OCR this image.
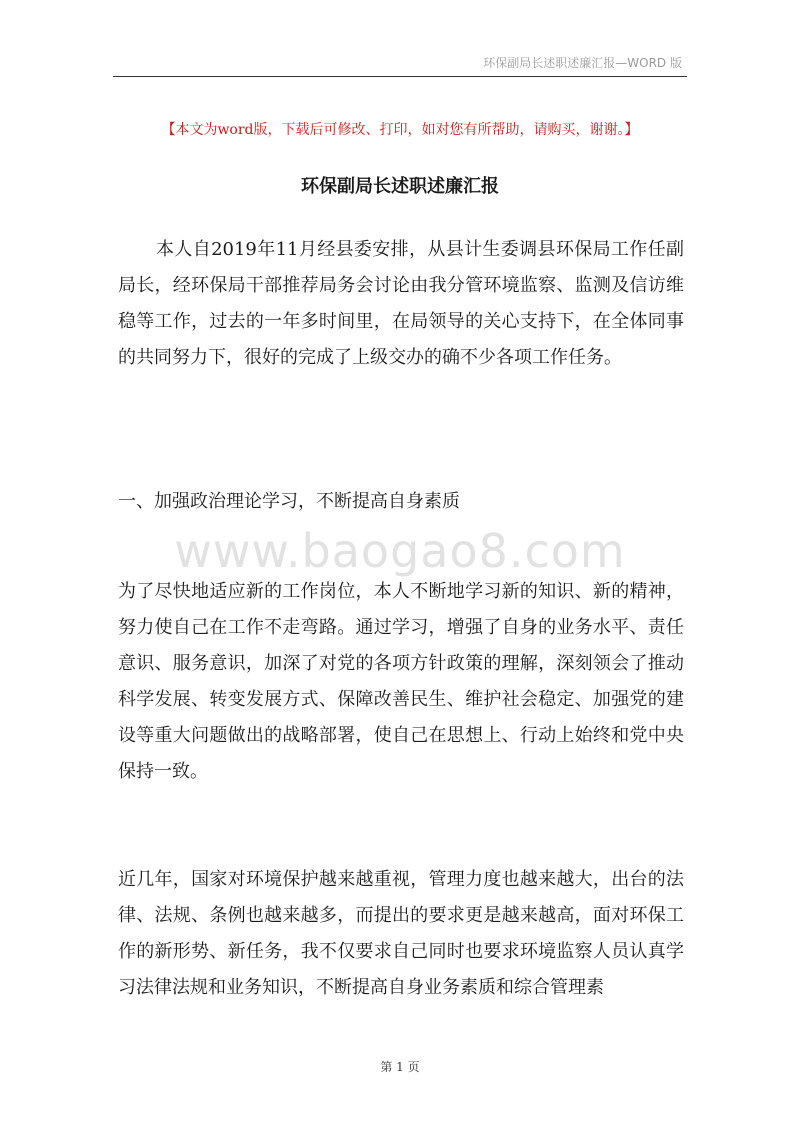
环保副局长述职述廉汇报—WORD 版
【本文为word版，下载后可修改、打印，如对您有所帮助，请购买，谢谢。】
环保副局长述职述廉汇报

本人自2019年11月经县委安排，从县计生委调县环保局工作任副局长，经环保局干部推荐局务会讨论由我分管环境监察、监测及信访维稳等工作，过去的一年多时间里，在局领导的关心支持下，在全体同事的共同努力下，很好的完成了上级交办的确不少各项工作任务。

一、加强政治理论学习，不断提高自身素质

www.baogao8.com

为了尽快地适应新的工作岗位，本人不断地学习新的知识、新的精神，努力使自己在工作不走弯路。通过学习，增强了自身的业务水平、责任意识、服务意识，加深了对党的各项方针政策的理解，深刻领会了推动科学发展、转变发展方式、保障改善民生、维护社会稳定、加强党的建设等重大问题做出的战略部署，使自己在思想上、行动上始终和党中央保持一致。

近几年，国家对环境保护越来越重视，管理力度也越来越大，出台的法律、法规、条例也越来越多，而提出的要求更是越来越高，面对环保工作的新形势、新任务，我不仅要求自己同时也要求环境监察人员认真学习法律法规和业务知识，不断提高自身业务素质和综合管理素

第 1 页
